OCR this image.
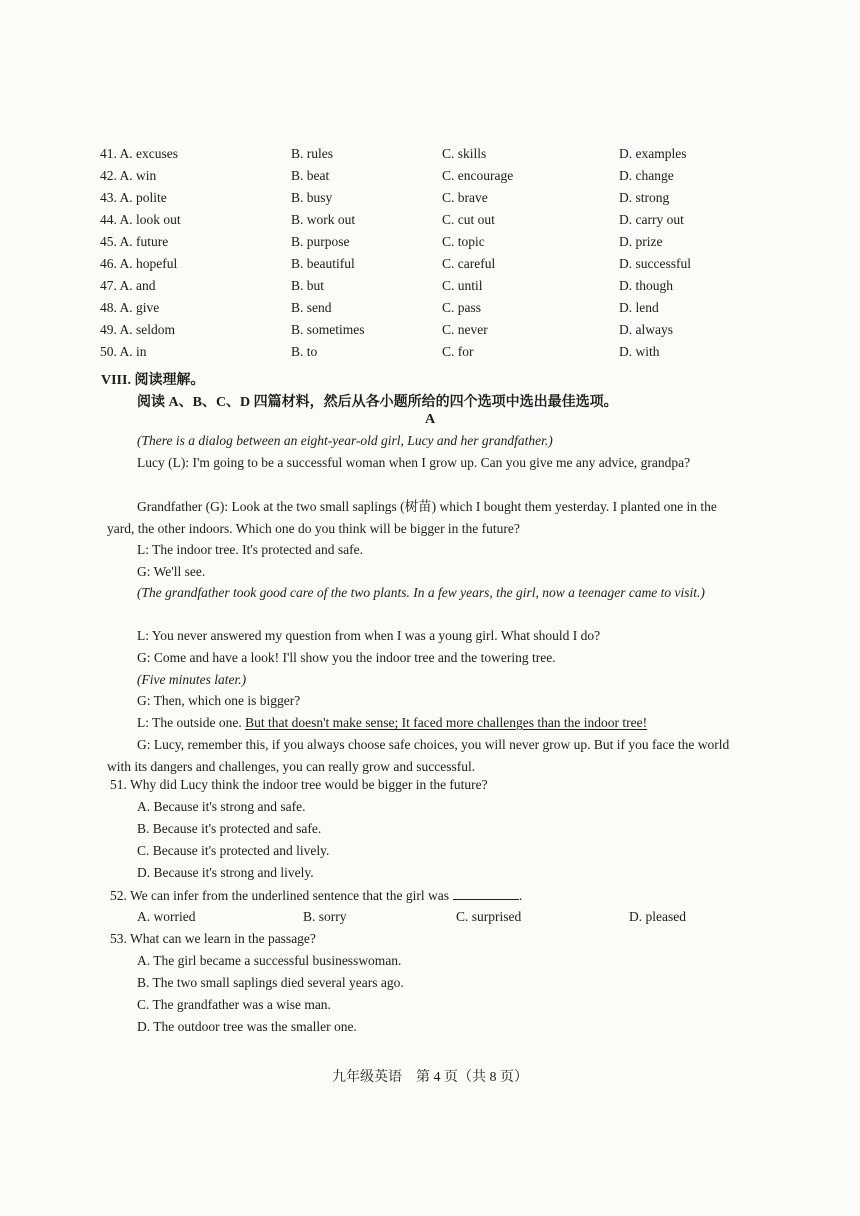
41. A. excuses	B. rules	C. skills	D. examples
42. A. win	B. beat	C. encourage	D. change
43. A. polite	B. busy	C. brave	D. strong
44. A. look out	B. work out	C. cut out	D. carry out
45. A. future	B. purpose	C. topic	D. prize
46. A. hopeful	B. beautiful	C. careful	D. successful
47. A. and	B. but	C. until	D. though
48. A. give	B. send	C. pass	D. lend
49. A. seldom	B. sometimes	C. never	D. always
50. A. in	B. to	C. for	D. with
VIII. 阅读理解。
阅读 A、B、C、D 四篇材料，然后从各小题所给的四个选项中选出最佳选项。
A
(There is a dialog between an eight-year-old girl, Lucy and her grandfather.)
Lucy (L): I'm going to be a successful woman when I grow up. Can you give me any advice, grandpa?
Grandfather (G): Look at the two small saplings (树苗) which I bought them yesterday. I planted one in the yard, the other indoors. Which one do you think will be bigger in the future?
L: The indoor tree. It's protected and safe.
G: We'll see.
(The grandfather took good care of the two plants. In a few years, the girl, now a teenager came to visit.)
L: You never answered my question from when I was a young girl. What should I do?
G: Come and have a look! I'll show you the indoor tree and the towering tree.
(Five minutes later.)
G: Then, which one is bigger?
L: The outside one. But that doesn't make sense; It faced more challenges than the indoor tree!
G: Lucy, remember this, if you always choose safe choices, you will never grow up. But if you face the world with its dangers and challenges, you can really grow and successful.
51. Why did Lucy think the indoor tree would be bigger in the future?
A. Because it's strong and safe.
B. Because it's protected and safe.
C. Because it's protected and lively.
D. Because it's strong and lively.
52. We can infer from the underlined sentence that the girl was	.
A. worried	B. sorry	C. surprised	D. pleased
53. What can we learn in the passage?
A. The girl became a successful businesswoman.
B. The two small saplings died several years ago.
C. The grandfather was a wise man.
D. The outdoor tree was the smaller one.
九年级英语　第 4 页（共 8 页）
